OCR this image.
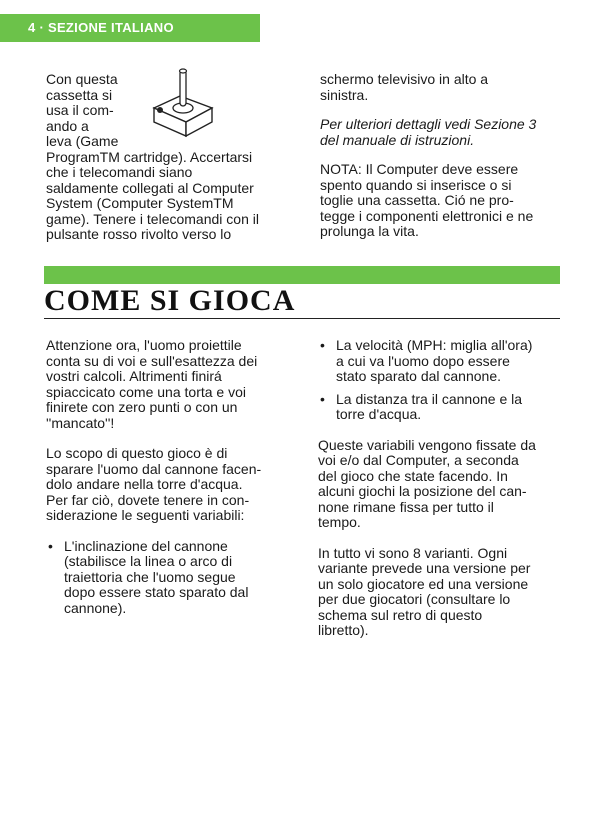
4 · SEZIONE ITALIANO

Con questa

cassetta si

usa il com-

ando a

leva (Game

ProgramTM cartridge). Accertarsi

che i telecomandi siano

saldamente collegati al Computer

System (Computer SystemTM

game). Tenere i telecomandi con il

pulsante rosso rivolto verso lo

schermo televisivo in alto a

sinistra.

Per ulteriori dettagli vedi Sezione 3

del manuale di istruzioni.

NOTA: Il Computer deve essere

spento quando si inserisce o si

toglie una cassetta. Ció ne pro-

tegge i componenti elettronici e ne

prolunga la vita.

COME SI GIOCA

Attenzione ora, l'uomo proiettile

conta su di voi e sull'esattezza dei

vostri calcoli. Altrimenti finirá

spiaccicato come una torta e voi

finirete con zero punti o con un

''mancato''!

Lo scopo di questo gioco è di

sparare l'uomo dal cannone facen-

dolo andare nella torre d'acqua.

Per far ciò, dovete tenere in con-

siderazione le seguenti variabili:

• L'inclinazione del cannone

(stabilisce la linea o arco di

traiettoria che l'uomo segue

dopo essere stato sparato dal

cannone).

• La velocità (MPH: miglia all'ora)

a cui va l'uomo dopo essere

stato sparato dal cannone.

• La distanza tra il cannone e la

torre d'acqua.

Queste variabili vengono fissate da

voi e/o dal Computer, a seconda

del gioco che state facendo. In

alcuni giochi la posizione del can-

none rimane fissa per tutto il

tempo.

In tutto vi sono 8 varianti. Ogni

variante prevede una versione per

un solo giocatore ed una versione

per due giocatori (consultare lo

schema sul retro di questo

libretto).
